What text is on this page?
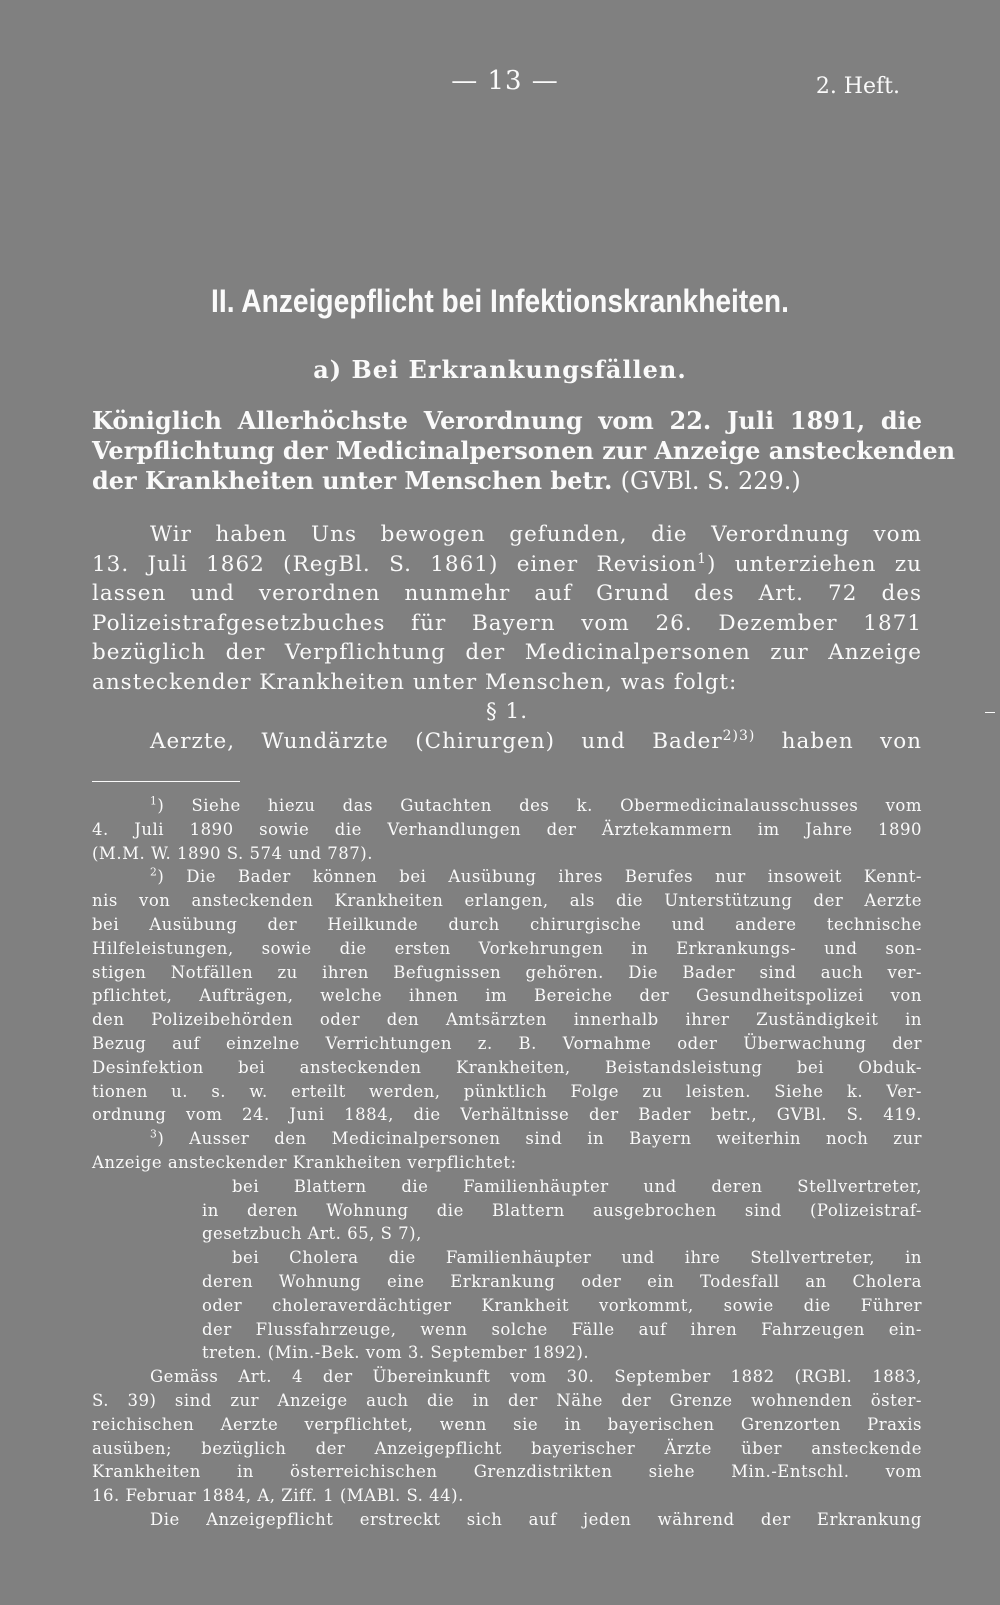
— 13 —	2. Heft.
II. Anzeigepflicht bei Infektionskrankheiten.
a) Bei Erkrankungsfällen.
Königlich Allerhöchste Verordnung vom 22. Juli 1891, die
Verpflichtung der Medicinalpersonen zur Anzeige ansteckenden
der Krankheiten unter Menschen betr. (GVBl. S. 229.)
Wir haben Uns bewogen gefunden, die Verordnung vom
13. Juli 1862 (RegBl. S. 1861) einer Revision$^1$) unterziehen zu
lassen und verordnen nunmehr auf Grund des Art. 72 des
Polizeistrafgesetzbuches für Bayern vom 26. Dezember 1871
bezüglich der Verpflichtung der Medicinalpersonen zur Anzeige
ansteckender Krankheiten unter Menschen, was folgt:
§ 1.
Aerzte, Wundärzte (Chirurgen) und Bader$^{2)3)}$ haben von
$^1$) Siehe hiezu das Gutachten des k. Obermedicinalausschusses vom
4. Juli 1890 sowie die Verhandlungen der Ärztekammern im Jahre 1890
(M.M. W. 1890 S. 574 und 787).
$^2$) Die Bader können bei Ausübung ihres Berufes nur insoweit Kennt-
nis von ansteckenden Krankheiten erlangen, als die Unterstützung der Aerzte
bei Ausübung der Heilkunde durch chirurgische und andere technische
Hilfeleistungen, sowie die ersten Vorkehrungen in Erkrankungs- und son-
stigen Notfällen zu ihren Befugnissen gehören. Die Bader sind auch ver-
pflichtet, Aufträgen, welche ihnen im Bereiche der Gesundheitspolizei von
den Polizeibehörden oder den Amtsärzten innerhalb ihrer Zuständigkeit in
Bezug auf einzelne Verrichtungen z. B. Vornahme oder Überwachung der
Desinfektion bei ansteckenden Krankheiten, Beistandsleistung bei Obduk-
tionen u. s. w. erteilt werden, pünktlich Folge zu leisten. Siehe k. Ver-
ordnung vom 24. Juni 1884, die Verhältnisse der Bader betr., GVBl. S. 419.
$^3$) Ausser den Medicinalpersonen sind in Bayern weiterhin noch zur
Anzeige ansteckender Krankheiten verpflichtet:
bei Blattern die Familienhäupter und deren Stellvertreter,
in deren Wohnung die Blattern ausgebrochen sind (Polizeistraf-
gesetzbuch Art. 65, S 7),
bei Cholera die Familienhäupter und ihre Stellvertreter, in
deren Wohnung eine Erkrankung oder ein Todesfall an Cholera
oder choleraverdächtiger Krankheit vorkommt, sowie die Führer
der Flussfahrzeuge, wenn solche Fälle auf ihren Fahrzeugen ein-
treten. (Min.-Bek. vom 3. September 1892).
Gemäss Art. 4 der Übereinkunft vom 30. September 1882 (RGBl. 1883,
S. 39) sind zur Anzeige auch die in der Nähe der Grenze wohnenden öster-
reichischen Aerzte verpflichtet, wenn sie in bayerischen Grenzorten Praxis
ausüben; bezüglich der Anzeigepflicht bayerischer Ärzte über ansteckende
Krankheiten in österreichischen Grenzdistrikten siehe Min.-Entschl. vom
16. Februar 1884, A, Ziff. 1 (MABl. S. 44).
Die Anzeigepflicht erstreckt sich auf jeden während der Erkrankung
